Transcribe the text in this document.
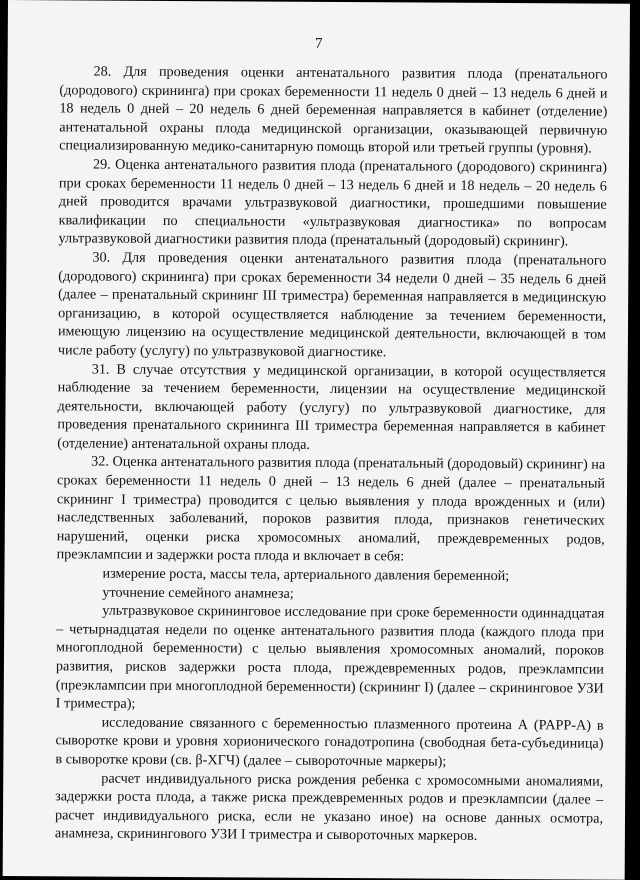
7

28. Для проведения оценки антенатального развития плода (пренатального (дородового) скрининга) при сроках беременности 11 недель 0 дней – 13 недель 6 дней и 18 недель 0 дней – 20 недель 6 дней беременная направляется в кабинет (отделение) антенатальной охраны плода медицинской организации, оказывающей первичную специализированную медико-санитарную помощь второй или третьей группы (уровня).

29. Оценка антенатального развития плода (пренатального (дородового) скрининга) при сроках беременности 11 недель 0 дней – 13 недель 6 дней и 18 недель – 20 недель 6 дней проводится врачами ультразвуковой диагностики, прошедшими повышение квалификации по специальности «ультразвуковая диагностика» по вопросам ультразвуковой диагностики развития плода (пренатальный (дородовый) скрининг).

30. Для проведения оценки антенатального развития плода (пренатального (дородового) скрининга) при сроках беременности 34 недели 0 дней – 35 недель 6 дней (далее – пренатальный скрининг III триместра) беременная направляется в медицинскую организацию, в которой осуществляется наблюдение за течением беременности, имеющую лицензию на осуществление медицинской деятельности, включающей в том числе работу (услугу) по ультразвуковой диагностике.

31. В случае отсутствия у медицинской организации, в которой осуществляется наблюдение за течением беременности, лицензии на осуществление медицинской деятельности, включающей работу (услугу) по ультразвуковой диагностике, для проведения пренатального скрининга III триместра беременная направляется в кабинет (отделение) антенатальной охраны плода.

32. Оценка антенатального развития плода (пренатальный (дородовый) скрининг) на сроках беременности 11 недель 0 дней – 13 недель 6 дней (далее – пренатальный скрининг I триместра) проводится с целью выявления у плода врожденных и (или) наследственных заболеваний, пороков развития плода, признаков генетических нарушений, оценки риска хромосомных аномалий, преждевременных родов, преэклампсии и задержки роста плода и включает в себя:

измерение роста, массы тела, артериального давления беременной;

уточнение семейного анамнеза;

ультразвуковое скрининговое исследование при сроке беременности одиннадцатая – четырнадцатая недели по оценке антенатального развития плода (каждого плода при многоплодной беременности) с целью выявления хромосомных аномалий, пороков развития, рисков задержки роста плода, преждевременных родов, преэклампсии (преэклампсии при многоплодной беременности) (скрининг I) (далее – скрининговое УЗИ I триместра);

исследование связанного с беременностью плазменного протеина А (PAPP-A) в сыворотке крови и уровня хорионического гонадотропина (свободная бета-субъединица) в сыворотке крови (св. β-ХГЧ) (далее – сывороточные маркеры);

расчет индивидуального риска рождения ребенка с хромосомными аномалиями, задержки роста плода, а также риска преждевременных родов и преэклампсии (далее – расчет индивидуального риска, если не указано иное) на основе данных осмотра, анамнеза, скринингового УЗИ I триместра и сывороточных маркеров.
